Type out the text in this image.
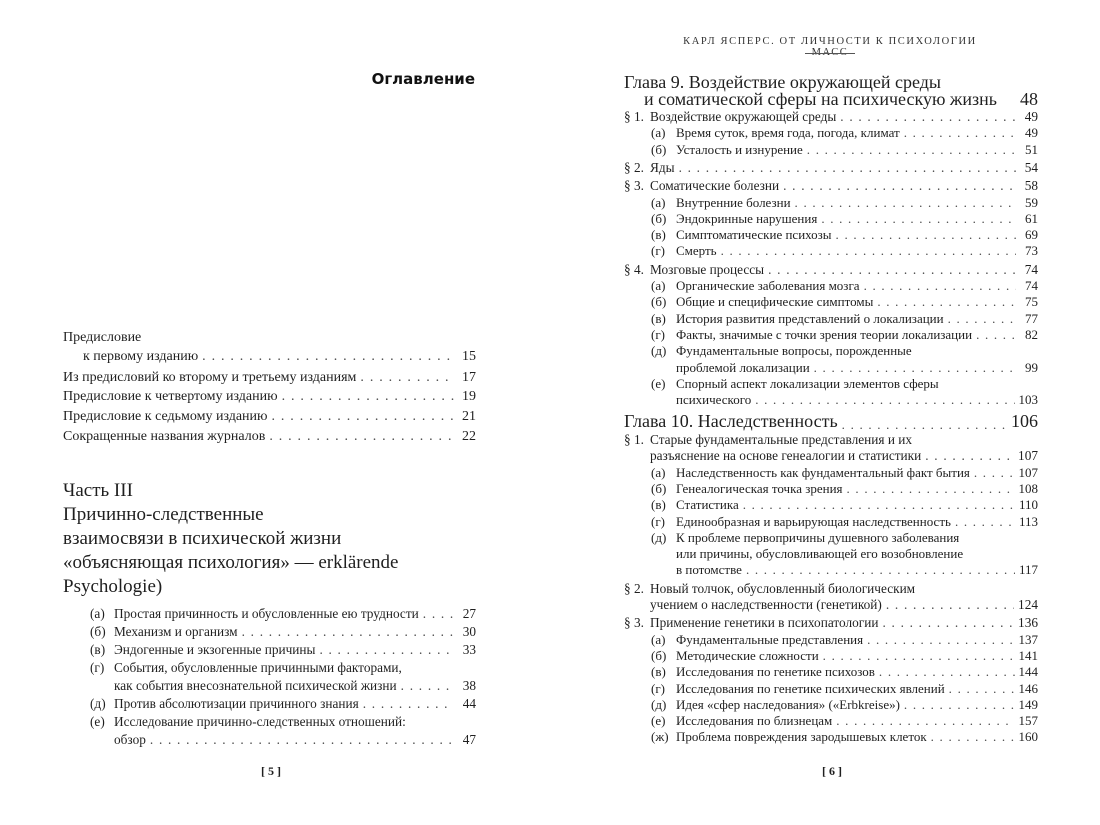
Оглавление
Предисловие
к первому изданию . . .	15
Из предисловий ко второму и третьему изданиям . . .	17
Предисловие к четвертому изданию . . .	19
Предисловие к седьмому изданию . . .	21
Сокращенные названия журналов . . .	22
Часть III
Причинно-следственные
взаимосвязи в психической жизни
«объясняющая психология» — erklärende
Psychologie)
(а) Простая причинность и обусловленные ею трудности . . .	27
(б) Механизм и организм . . .	30
(в) Эндогенные и экзогенные причины . . .	33
(г) События, обусловленные причинными факторами,
как события внесознательной психической жизни . . .	38
(д) Против абсолютизации причинного знания . . .	44
(е) Исследование причинно-следственных отношений:
обзор . . .	47
[ 5 ]
КАРЛ ЯСПЕРС. ОТ ЛИЧНОСТИ К ПСИХОЛОГИИ
Глава 9. Воздействие окружающей среды
и соматической сферы на психическую жизнь 48
§ 1. Воздействие окружающей среды . . .	49
(а) Время суток, время года, погода, климат . . .	49
(б) Усталость и изнурение . . .	51
§ 2. Яды . . .	54
§ 3. Соматические болезни . . .	58
(а) Внутренние болезни . . .	59
(б) Эндокринные нарушения . . .	61
(в) Симптоматические психозы . . .	69
(г) Смерть . . .	73
§ 4. Мозговые процессы . . .	74
(а) Органические заболевания мозга . . .	74
(б) Общие и специфические симптомы . . .	75
(в) История развития представлений о локализации . . .	77
(г) Факты, значимые с точки зрения теории локализации . . .	82
(д) Фундаментальные вопросы, порожденные
проблемой локализации . . .	99
(е) Спорный аспект локализации элементов сферы
психического . . .	103
Глава 10. Наследственность . . .	106
§ 1. Старые фундаментальные представления и их
разъяснение на основе генеалогии и статистики . . .	107
(а) Наследственность как фундаментальный факт бытия . . .	107
(б) Генеалогическая точка зрения . . .	108
(в) Статистика . . .	110
(г) Единообразная и варьирующая наследственность . . .	113
(д) К проблеме первопричины душевного заболевания
или причины, обусловливающей его возобновление
в потомстве . . .	117
§ 2. Новый толчок, обусловленный биологическим
учением о наследственности (генетикой) . . .	124
§ 3. Применение генетики в психопатологии . . .	136
(а) Фундаментальные представления . . .	137
(б) Методические сложности . . .	141
(в) Исследования по генетике психозов . . .	144
(г) Исследования по генетике психических явлений . . .	146
(д) Идея «сфер наследования» («Erbkreise») . . .	149
(е) Исследования по близнецам . . .	157
(ж) Проблема повреждения зародышевых клеток . . .	160
[ 6 ]
